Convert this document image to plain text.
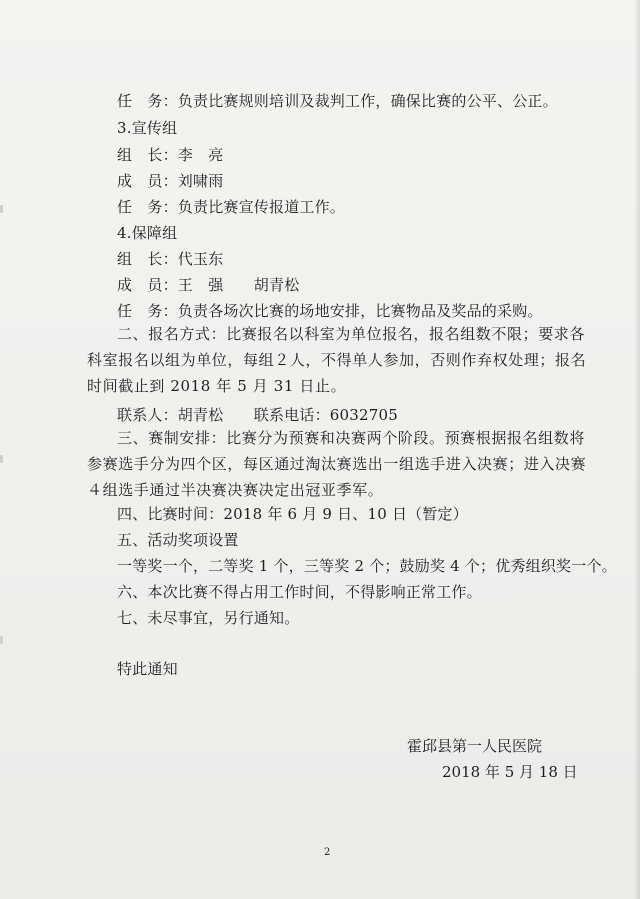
任　务：负责比赛规则培训及裁判工作，确保比赛的公平、公正。
3.宣传组
组　长：李　亮
成　员：刘啸雨
任　务：负责比赛宣传报道工作。
4.保障组
组　长：代玉东
成　员：王　强　　胡青松
任　务：负责各场次比赛的场地安排，比赛物品及奖品的采购。
二、报名方式：比赛报名以科室为单位报名，报名组数不限；要求各科室报名以组为单位，每组２人，不得单人参加，否则作弃权处理；报名时间截止到 2018 年 5 月 31 日止。
联系人：胡青松　　联系电话：6032705
三、赛制安排：比赛分为预赛和决赛两个阶段。预赛根据报名组数将参赛选手分为四个区，每区通过淘汰赛选出一组选手进入决赛；进入决赛４组选手通过半决赛决赛决定出冠亚季军。
四、比赛时间：2018 年 6 月 9 日、10 日（暂定）
五、活动奖项设置
一等奖一个，二等奖 1 个，三等奖 2 个；鼓励奖 4 个；优秀组织奖一个。
六、本次比赛不得占用工作时间，不得影响正常工作。
七、未尽事宜，另行通知。
特此通知
霍邱县第一人民医院
2018 年 5 月 18 日
2
